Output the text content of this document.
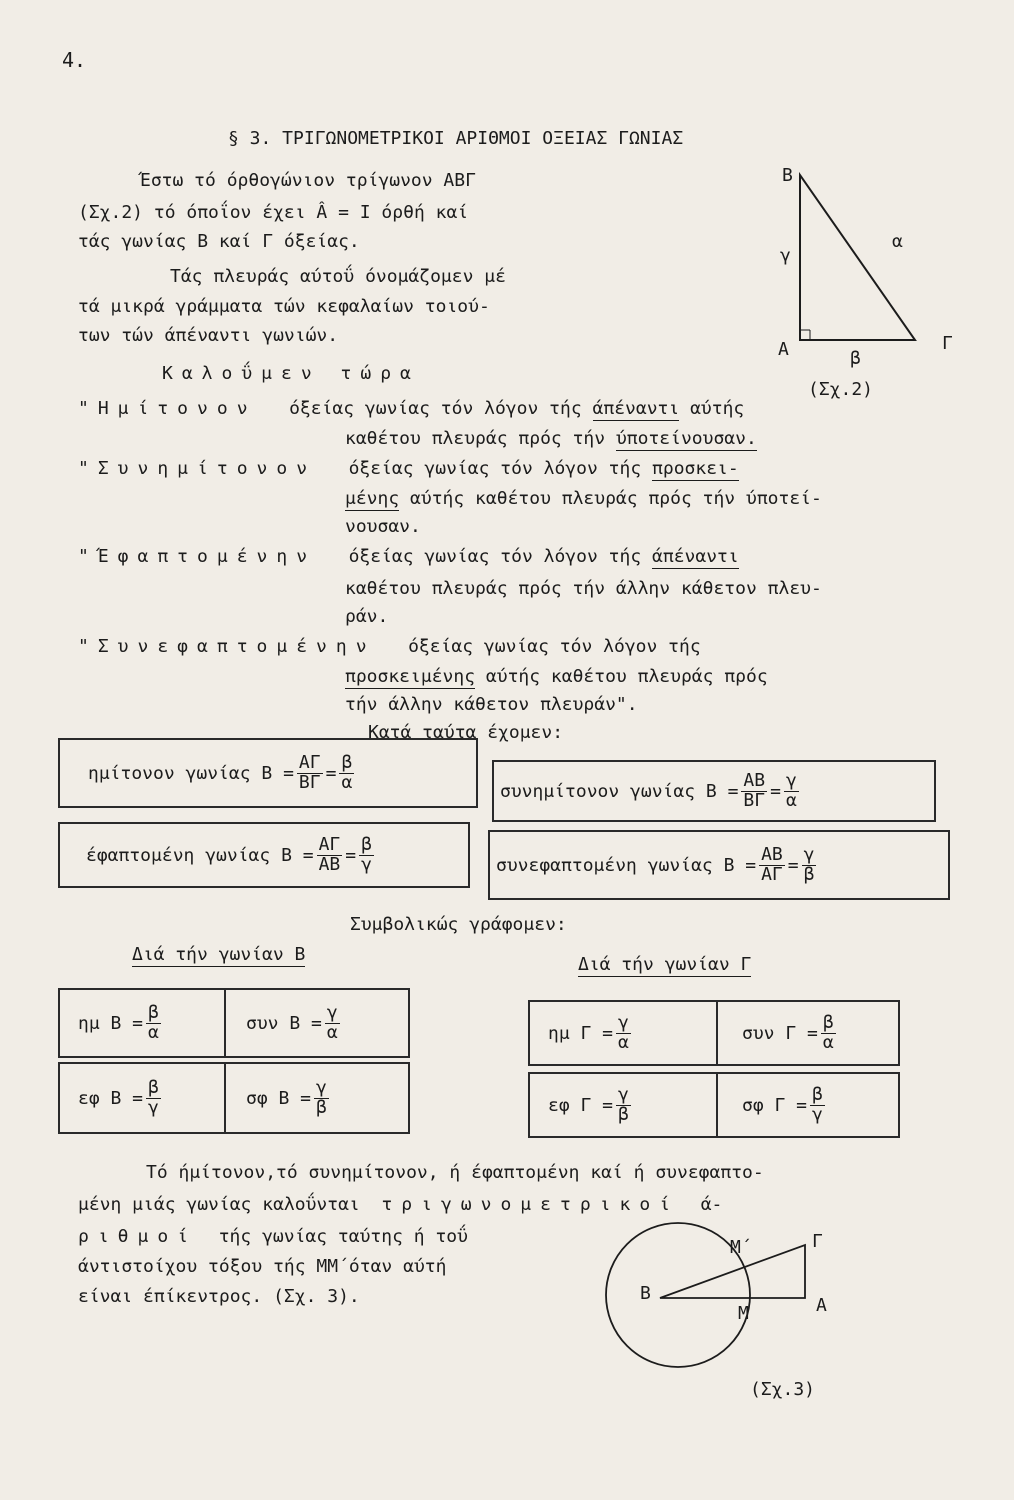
4.
§ 3. ΤΡΙΓΩΝΟΜΕΤΡΙΚΟΙ ΑΡΙΘΜΟΙ ΟΞΕΙΑΣ ΓΩΝΙΑΣ
Έστω τό όρθογώνιον τρίγωνον ΑΒΓ
(Σχ.2) τό όποΐον έχει Â = Ι όρθή καί
τάς γωνίας Β καί Γ όξείας.
Τάς πλευράς αύτοΰ όνομάζομεν μέ
τά μικρά γράμματα τών κεφαλαίων τοιού-
των τών άπέναντι γωνιών.
Β
Α	Γ
α
γ
β
(Σχ.2)
Καλοΰμεν τώρα
"Ημίτονον όξείας γωνίας τόν λόγον τής άπέναντι αύτής
καθέτου πλευράς πρός τήν ύποτείνουσαν.
"Συνημίτονον όξείας γωνίας τόν λόγον τής προσκει-
μένης αύτής καθέτου πλευράς πρός τήν ύποτεί-
νουσαν.
"Έφαπτομένην όξείας γωνίας τόν λόγον τής άπέναντι
καθέτου πλευράς πρός τήν άλλην κάθετον πλευ-
ράν.
"Συνεφαπτομένην όξείας γωνίας τόν λόγον τής
προσκειμένης αύτής καθέτου πλευράς πρός
τήν άλλην κάθετον πλευράν".
Κατά ταύτα έχομεν:
ημίτονον γωνίας $B = \frac{A\Gamma}{B\Gamma} = \frac{\beta}{\alpha}$	συνημίτονον γωνίας $B = \frac{AB}{B\Gamma} = \frac{\gamma}{\alpha}$
έφαπτομένη γωνίας $B = \frac{A\Gamma}{AB} = \frac{\beta}{\gamma}$	συνεφαπτομένη γωνίας $B = \frac{AB}{A\Gamma} = \frac{\gamma}{\beta}$
Συμβολικώς γράφομεν:
Διά τήν γωνίαν Β	Διά τήν γωνίαν Γ
ημ $B = \frac{\beta}{\alpha}$	συν $B = \frac{\gamma}{\alpha}$
εφ $B = \frac{\beta}{\gamma}$	σφ $B = \frac{\gamma}{\beta}$
ημ $\Gamma = \frac{\gamma}{\alpha}$	συν $\Gamma = \frac{\beta}{\alpha}$
εφ $\Gamma = \frac{\gamma}{\beta}$	σφ $\Gamma = \frac{\beta}{\gamma}$
Τό ήμίτονον,τό συνημίτονον, ή έφαπτομένη καί ή συνεφαπτο-
μένη μιάς γωνίας καλοΰνται τριγωνομετρικοί ά-
ριθμοί τής γωνίας ταύτης ή τοΰ
άντιστοίχου τόξου τής ΜΜ΄όταν αύτή
είναι έπίκεντρος. (Σχ. 3).	Β
Μ΄	Γ
Μ	Α
(Σχ.3)
